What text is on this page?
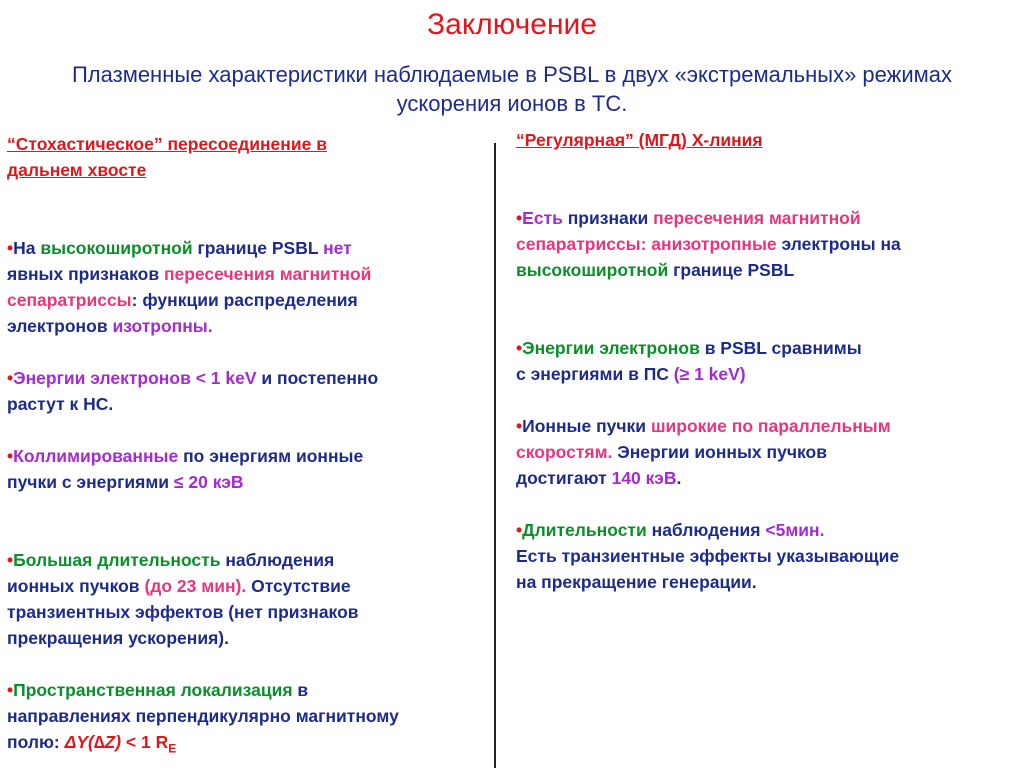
Заключение
Плазменные характеристики наблюдаемые в PSBL в двух «экстремальных» режимах ускорения ионов в ТС.

“Стохастическое” пересоединение в

дальнем хвосте

•На высокоширотной границе PSBL нет

явных признаков пересечения магнитной

сепаратриссы: функции распределения

электронов изотропны.

•Энергии электронов < 1 keV и постепенно

растут к НС.

•Коллимированные по энергиям ионные

пучки с энергиями ≤ 20 кэВ

•Большая длительность наблюдения

ионных пучков (до 23 мин). Отсутствие

транзиентных эффектов (нет признаков

прекращения ускорения).

•Пространственная локализация в

направлениях перпендикулярно магнитному

полю: ΔY(∆Z) < 1 $R_E$

“Регулярная” (МГД) Х-линия

•Есть признаки пересечения магнитной

сепаратриссы: анизотропные электроны на

высокоширотной границе PSBL

•Энергии электронов в PSBL сравнимы

с энергиями в ПС (≥ 1 keV)

•Ионные пучки широкие по параллельным

скоростям. Энергии ионных пучков

достигают 140 кэВ.

•Длительности наблюдения <5мин.

Есть транзиентные эффекты указывающие

на прекращение генерации.
